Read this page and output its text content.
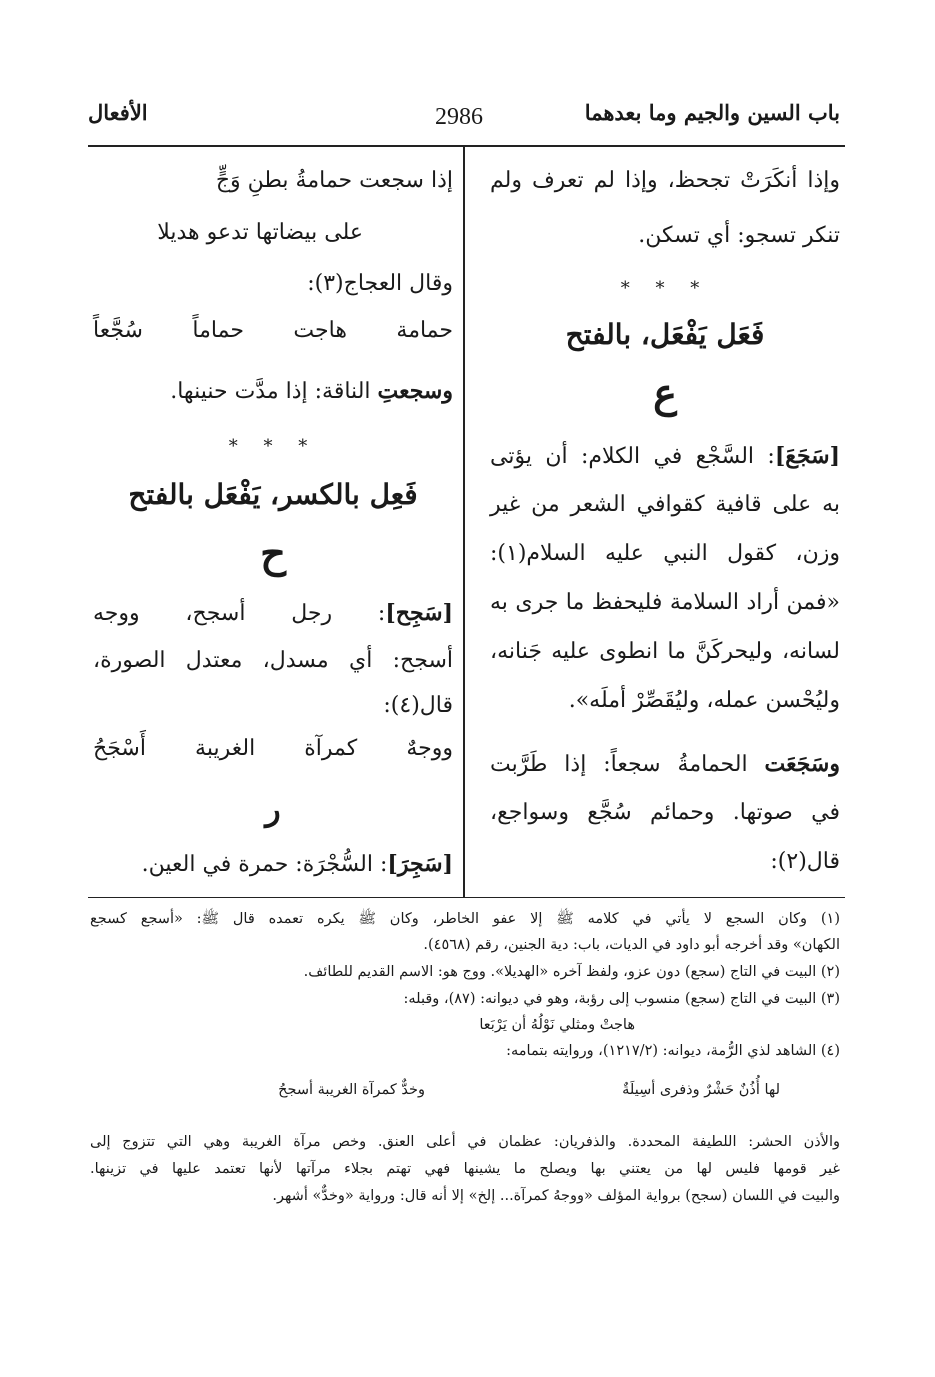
باب السين والجيم وما بعدهما
2986
الأفعال
وإذا أنكَرَتْ تجحظ، وإذا لم تعرف ولم
تنكر تسجو: أي تسكن.
* * *
فَعَل يَفْعَل، بالفتح
ع
[سَجَعَ]: السَّجْع في الكلام: أن يؤتى
به على قافية كقوافي الشعر من غير
وزن، كقول النبي عليه السلام(١):
«فمن أراد السلامة فليحفظ ما جرى به
لسانه، وليحركَنَّ ما انطوى عليه جَنانه،
وليُحْسن عمله، وليُقَصِّرْ أملَه».
وسَجَعَت الحمامةُ سجعاً: إذا طَرَّبت
في صوتها. وحمائم سُجَّع وسواجع،
قال(٢):
إذا سجعت حمامةُ بطنِ وَجٍّ
على بيضاتها تدعو هديلا
وقال العجاج(٣):
حمامة هاجت حماماً سُجَّعاً
وسجعتِ الناقة: إذا مدَّت حنينها.
* * *
فَعِل بالكسر، يَفْعَل بالفتح
ح
[سَجِح]: رجل أسجح، ووجه
أسجح: أي مسدل، معتدل الصورة،
قال(٤):
ووجهٌ كمرآة الغريبة أَسْجَحُ
ر
[سَجِرَ]: السُّجْرَة: حمرة في العين.
(١) وكان السجع لا يأتي في كلامه ﷺ إلا عفو الخاطر، وكان ﷺ يكره تعمده قال ﷺ: «أسجع كسجع
الكهان» وقد أخرجه أبو داود في الديات، باب: دية الجنين، رقم (٤٥٦٨).
(٢) البيت في التاج (سجع) دون عزو، ولفظ آخره «الهديلا». ووج هو: الاسم القديم للطائف.
(٣) البيت في التاج (سجع) منسوب إلى رؤبة، وهو في ديوانه: (٨٧)، وقبله:
هاجتْ ومثلي نَوْلُهُ أن يَرْبَعا
(٤) الشاهد لذي الرُّمة، ديوانه: (١٢١٧/٢)، وروايته بتمامه:
لها أُذُنٌ حَشْرٌ وذفرى أسِيلَةٌ
وخدٌّ كمرآة الغريبة أسجحُ
والأذن الحشر: اللطيفة المحددة. والذفريان: عظمان في أعلى العنق. وخص مرآة الغريبة وهي التي تتزوج إلى
غير قومها فليس لها من يعتني بها ويصلح ما يشينها فهي تهتم بجلاء مرآتها لأنها تعتمد عليها في تزينها.
والبيت في اللسان (سجح) برواية المؤلف «ووجهُ كمرآة... إلخ» إلا أنه قال: ورواية «وخدٌّ» أشهر.
